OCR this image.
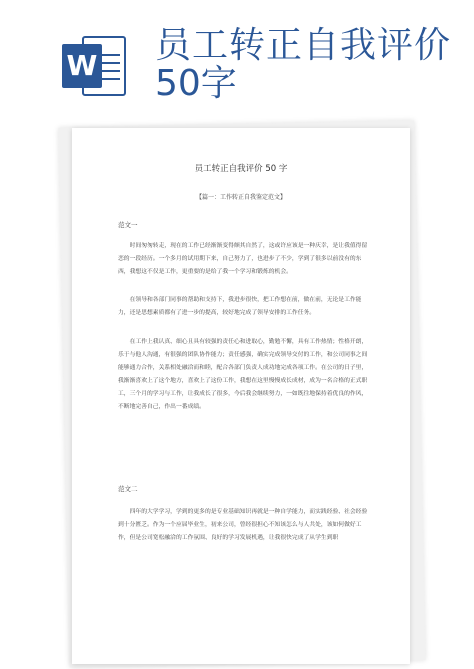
W 员工转正自我评价
50字
员工转正自我评价 50 字
【篇一：工作转正自我鉴定范文】
范文一
时间匆匆转走，现在的工作已经渐渐变得颇其自然了，这或许应该是一种庆幸，是让我值得留恋的一段经历。一个多月的试用期下来，自己努力了，也进步了不少，学到了很多以前没有的东西，我想这不仅是工作，更重要的是给了我一个学习和锻炼的机会。
在领导和各部门同事的帮助和支持下，我进步很快，把工作想在前，做在前，无论是工作能力，还是思想素质都有了进一步的提高，较好地完成了领导安排的工作任务。
在工作上我认真、细心且具有较强的责任心和进取心，勤勉不懈，具有工作热情；性格开朗，乐于与他人沟通，有很强的团队协作能力；责任感强，确实完成领导交付的工作，和公司同事之间能够通力合作，关系相处融洽而和睦，配合各部门负责人成功地完成各项工作。在公司的日子里，我渐渐喜欢上了这个地方，喜欢上了这份工作，我想在这里慢慢成长成材，成为一名合格的正式职工，三个月的学习与工作，让我成长了很多，今后我会继续努力，一如既往地保持着优良的作风，不断地完善自己，作出一番成绩。
范文二
四年的大学学习，学到的更多的是专业基础知识再就是一种自学能力，而实践经验、社会经验到十分匮乏。作为一个应届毕业生，初来公司，曾经很担心不知该怎么与人共处，该如何做好工作，但是公司宽松融洽的工作氛围、良好的学习发展机遇，让我很快完成了从学生到职
